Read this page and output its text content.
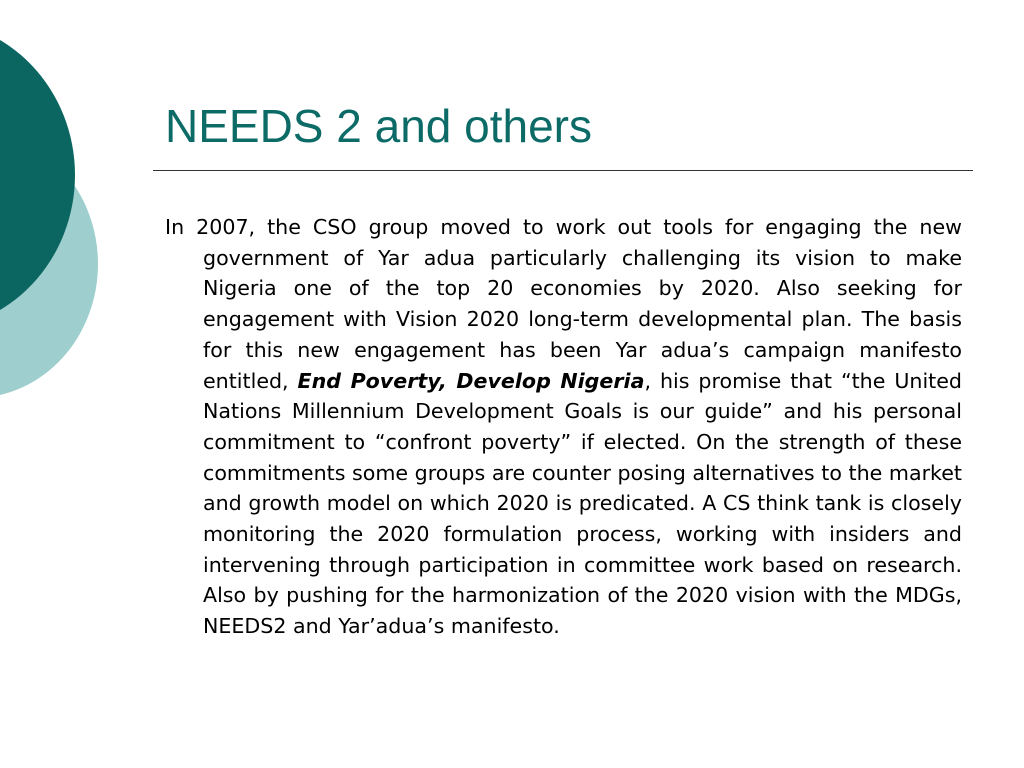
NEEDS 2 and others

In 2007, the CSO group moved to work out tools for engaging the new government of Yar adua particularly challenging its vision to make Nigeria one of the top 20 economies by 2020. Also seeking for engagement with Vision 2020 long-term developmental plan. The basis for this new engagement has been Yar adua’s campaign manifesto entitled, End Poverty, Develop Nigeria, his promise that “the United Nations Millennium Development Goals is our guide” and his personal commitment to “confront poverty” if elected. On the strength of these commitments some groups are counter posing alternatives to the market and growth model on which 2020 is predicated. A CS think tank is closely monitoring the 2020 formulation process, working with insiders and intervening through participation in committee work based on research. Also by pushing for the harmonization of the 2020 vision with the MDGs, NEEDS2 and Yar’adua’s manifesto.
